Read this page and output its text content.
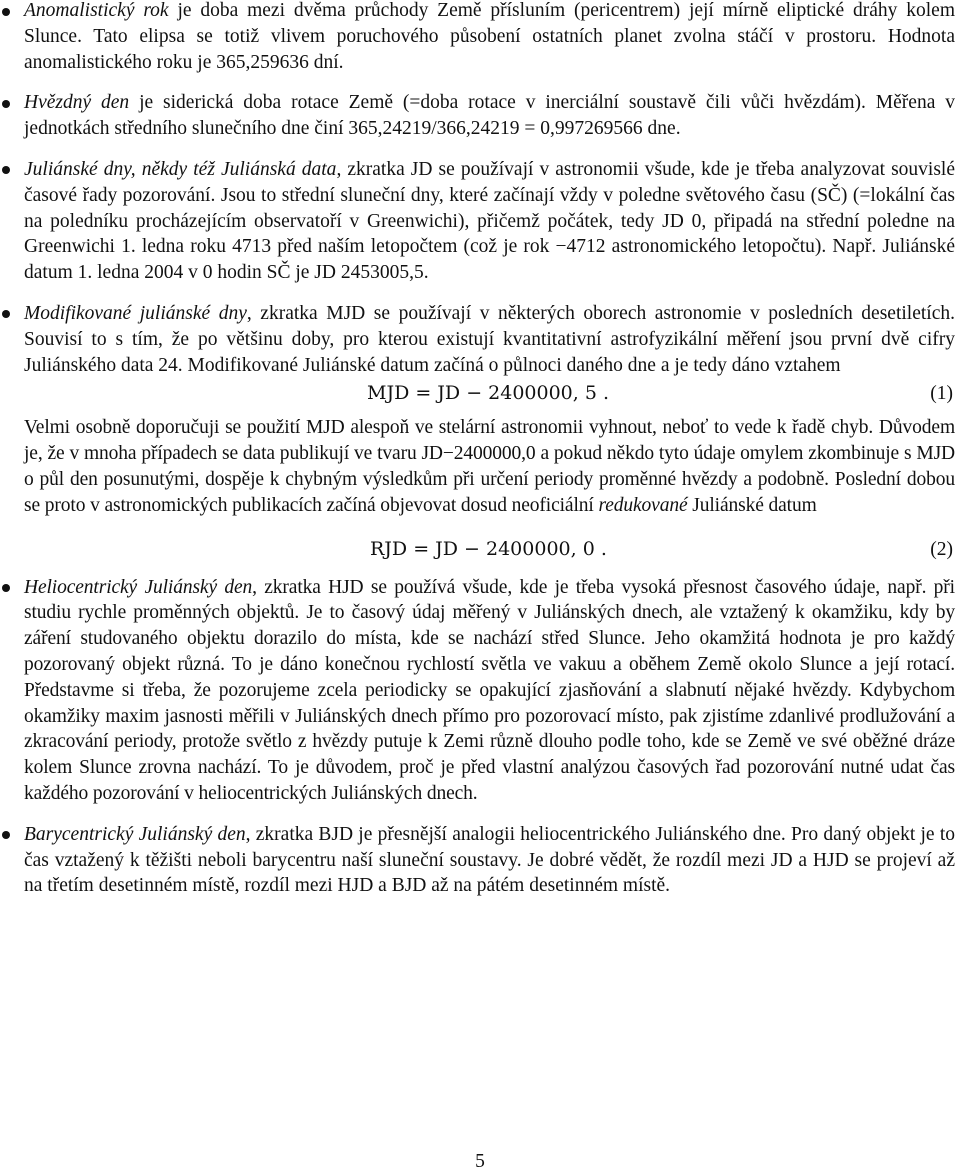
Anomalistický rok je doba mezi dvěma průchody Země přísluním (pericentrem) její mírně eliptické dráhy kolem Slunce. Tato elipsa se totiž vlivem poruchového působení ostatních planet zvolna stáčí v prostoru. Hodnota anomalistického roku je 365,259636 dní.

Hvězdný den je siderická doba rotace Země (=doba rotace v inerciální soustavě čili vůči hvězdám). Měřena v jednotkách středního slunečního dne činí 365,24219/366,24219 = 0,997269566 dne.

Juliánské dny, někdy též Juliánská data, zkratka JD se používají v astronomii všude, kde je třeba analyzovat souvislé časové řady pozorování. Jsou to střední sluneční dny, které začínají vždy v poledne světového času (SČ) (=lokální čas na poledníku procházejícím observatoří v Greenwichi), přičemž počátek, tedy JD 0, připadá na střední poledne na Greenwichi 1. ledna roku 4713 před naším letopočtem (což je rok −4712 astronomického letopočtu). Např. Juliánské datum 1. ledna 2004 v 0 hodin SČ je JD 2453005,5.

Modifikované juliánské dny, zkratka MJD se používají v některých oborech astronomie v posledních desetiletích. Souvisí to s tím, že po většinu doby, pro kterou existují kvantitativní astrofyzikální měření jsou první dvě cifry Juliánského data 24. Modifikované Juliánské datum začíná o půlnoci daného dne a je tedy dáno vztahem

MJD = JD − 2400000, 5 .	(1)

Velmi osobně doporučuji se použití MJD alespoň ve stelární astronomii vyhnout, neboť to vede k řadě chyb. Důvodem je, že v mnoha případech se data publikují ve tvaru JD−2400000,0 a pokud někdo tyto údaje omylem zkombinuje s MJD o půl den posunutými, dospěje k chybným výsledkům při určení periody proměnné hvězdy a podobně. Poslední dobou se proto v astronomických publikacích začíná objevovat dosud neoficiální redukované Juliánské datum

RJD = JD − 2400000, 0 .	(2)

Heliocentrický Juliánský den, zkratka HJD se používá všude, kde je třeba vysoká přesnost časového údaje, např. při studiu rychle proměnných objektů. Je to časový údaj měřený v Juliánských dnech, ale vztažený k okamžiku, kdy by záření studovaného objektu dorazilo do místa, kde se nachází střed Slunce. Jeho okamžitá hodnota je pro každý pozorovaný objekt různá. To je dáno konečnou rychlostí světla ve vakuu a oběhem Země okolo Slunce a její rotací. Představme si třeba, že pozorujeme zcela periodicky se opakující zjasňování a slabnutí nějaké hvězdy. Kdybychom okamžiky maxim jasnosti měřili v Juliánských dnech přímo pro pozorovací místo, pak zjistíme zdanlivé prodlužování a zkracování periody, protože světlo z hvězdy putuje k Zemi různě dlouho podle toho, kde se Země ve své oběžné dráze kolem Slunce zrovna nachází. To je důvodem, proč je před vlastní analýzou časových řad pozorování nutné udat čas každého pozorování v heliocentrických Juliánských dnech.

Barycentrický Juliánský den, zkratka BJD je přesnější analogii heliocentrického Juliánského dne. Pro daný objekt je to čas vztažený k těžišti neboli barycentru naší sluneční soustavy. Je dobré vědět, že rozdíl mezi JD a HJD se projeví až na třetím desetinném místě, rozdíl mezi HJD a BJD až na pátém desetinném místě.

5
